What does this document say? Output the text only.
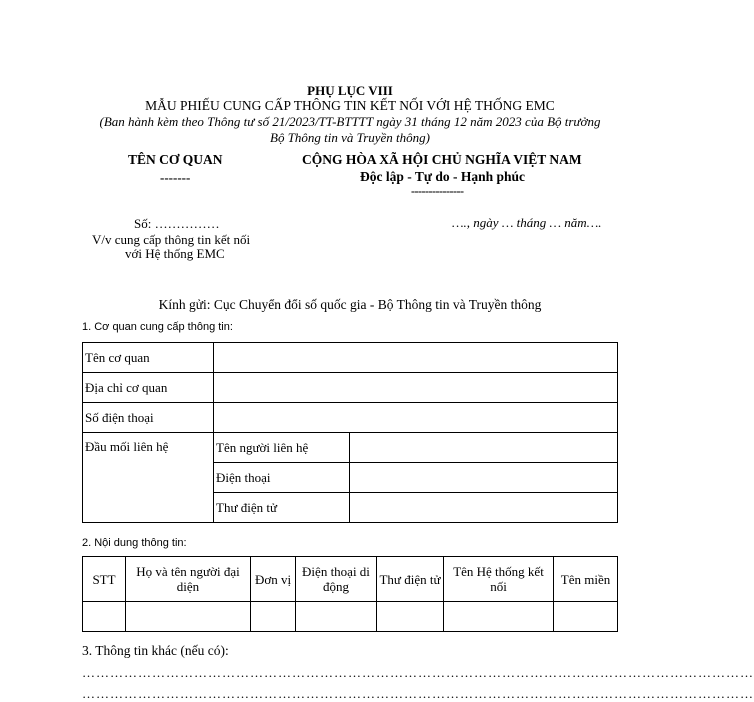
PHỤ LỤC VIII
MẪU PHIẾU CUNG CẤP THÔNG TIN KẾT NỐI VỚI HỆ THỐNG EMC
(Ban hành kèm theo Thông tư số 21/2023/TT-BTTTT ngày 31 tháng 12 năm 2023 của Bộ trưởng
Bộ Thông tin và Truyền thông)
TÊN CƠ QUAN
-------
CỘNG HÒA XÃ HỘI CHỦ NGHĨA VIỆT NAM
Độc lập - Tự do - Hạnh phúc
---------------
Số: ……………
V/v cung cấp thông tin kết nối
với Hệ thống EMC
…., ngày … tháng … năm….
Kính gửi: Cục Chuyển đổi số quốc gia - Bộ Thông tin và Truyền thông
1. Cơ quan cung cấp thông tin:
Tên cơ quan		
Địa chỉ cơ quan		
Số điện thoại		
Đầu mối liên hệ	Tên người liên hệ	
	Điện thoại	
	Thư điện tử	
2. Nội dung thông tin:
STT	Họ và tên người đại diện	Đơn vị	Điện thoại di động	Thư điện tử	Tên Hệ thống kết nối	Tên miền

3. Thông tin khác (nếu có):
………………………………………………………………………………………………………………………………
………………………………………………………………………………………………………………………………
